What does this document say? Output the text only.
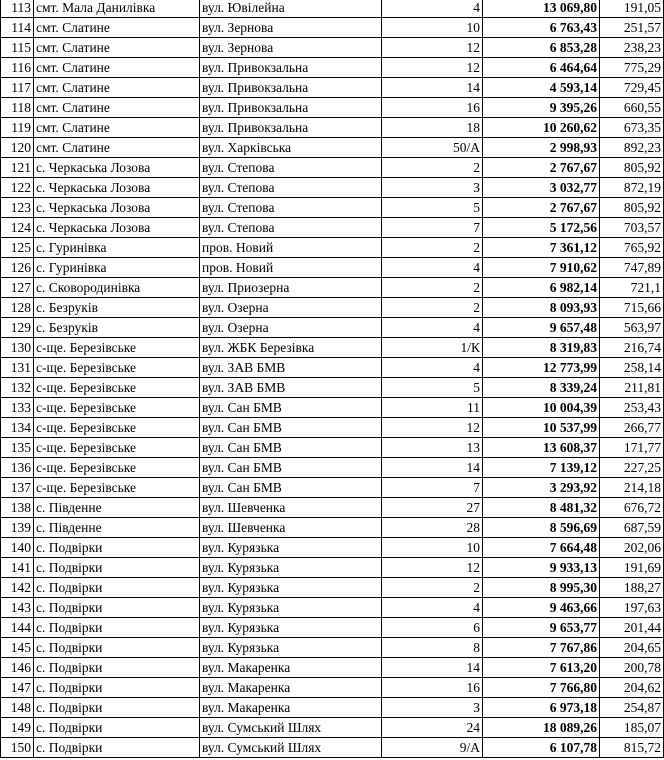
113	смт. Мала Данилівка	вул. Ювілейна	4	13 069,80	191,05
114	смт. Слатине	вул. Зернова	10	6 763,43	251,57
115	смт. Слатине	вул. Зернова	12	6 853,28	238,23
116	смт. Слатине	вул. Привокзальна	12	6 464,64	775,29
117	смт. Слатине	вул. Привокзальна	14	4 593,14	729,45
118	смт. Слатине	вул. Привокзальна	16	9 395,26	660,55
119	смт. Слатине	вул. Привокзальна	18	10 260,62	673,35
120	смт. Слатине	вул. Харківська	50/А	2 998,93	892,23
121	с. Черкаська Лозова	вул. Степова	2	2 767,67	805,92
122	с. Черкаська Лозова	вул. Степова	3	3 032,77	872,19
123	с. Черкаська Лозова	вул. Степова	5	2 767,67	805,92
124	с. Черкаська Лозова	вул. Степова	7	5 172,56	703,57
125	с. Гуринівка	пров. Новий	2	7 361,12	765,92
126	с. Гуринівка	пров. Новий	4	7 910,62	747,89
127	с. Сковородинівка	вул. Приозерна	2	6 982,14	721,1
128	с. Безруків	вул. Озерна	2	8 093,93	715,66
129	с. Безруків	вул. Озерна	4	9 657,48	563,97
130	с-ще. Березівське	вул. ЖБК Березівка	1/К	8 319,83	216,74
131	с-ще. Березівське	вул. ЗАВ БМВ	4	12 773,99	258,14
132	с-ще. Березівське	вул. ЗАВ БМВ	5	8 339,24	211,81
133	с-ще. Березівське	вул. Сан БМВ	11	10 004,39	253,43
134	с-ще. Березівське	вул. Сан БМВ	12	10 537,99	266,77
135	с-ще. Березівське	вул. Сан БМВ	13	13 608,37	171,77
136	с-ще. Березівське	вул. Сан БМВ	14	7 139,12	227,25
137	с-ще. Березівське	вул. Сан БМВ	7	3 293,92	214,18
138	с. Південне	вул. Шевченка	27	8 481,32	676,72
139	с. Південне	вул. Шевченка	28	8 596,69	687,59
140	с. Подвірки	вул. Курязька	10	7 664,48	202,06
141	с. Подвірки	вул. Курязька	12	9 933,13	191,69
142	с. Подвірки	вул. Курязька	2	8 995,30	188,27
143	с. Подвірки	вул. Курязька	4	9 463,66	197,63
144	с. Подвірки	вул. Курязька	6	9 653,77	201,44
145	с. Подвірки	вул. Курязька	8	7 767,86	204,65
146	с. Подвірки	вул. Макаренка	14	7 613,20	200,78
147	с. Подвірки	вул. Макаренка	16	7 766,80	204,62
148	с. Подвірки	вул. Макаренка	3	6 973,18	254,87
149	с. Подвірки	вул. Сумський Шлях	24	18 089,26	185,07
150	с. Подвірки	вул. Сумський Шлях	9/А	6 107,78	815,72
